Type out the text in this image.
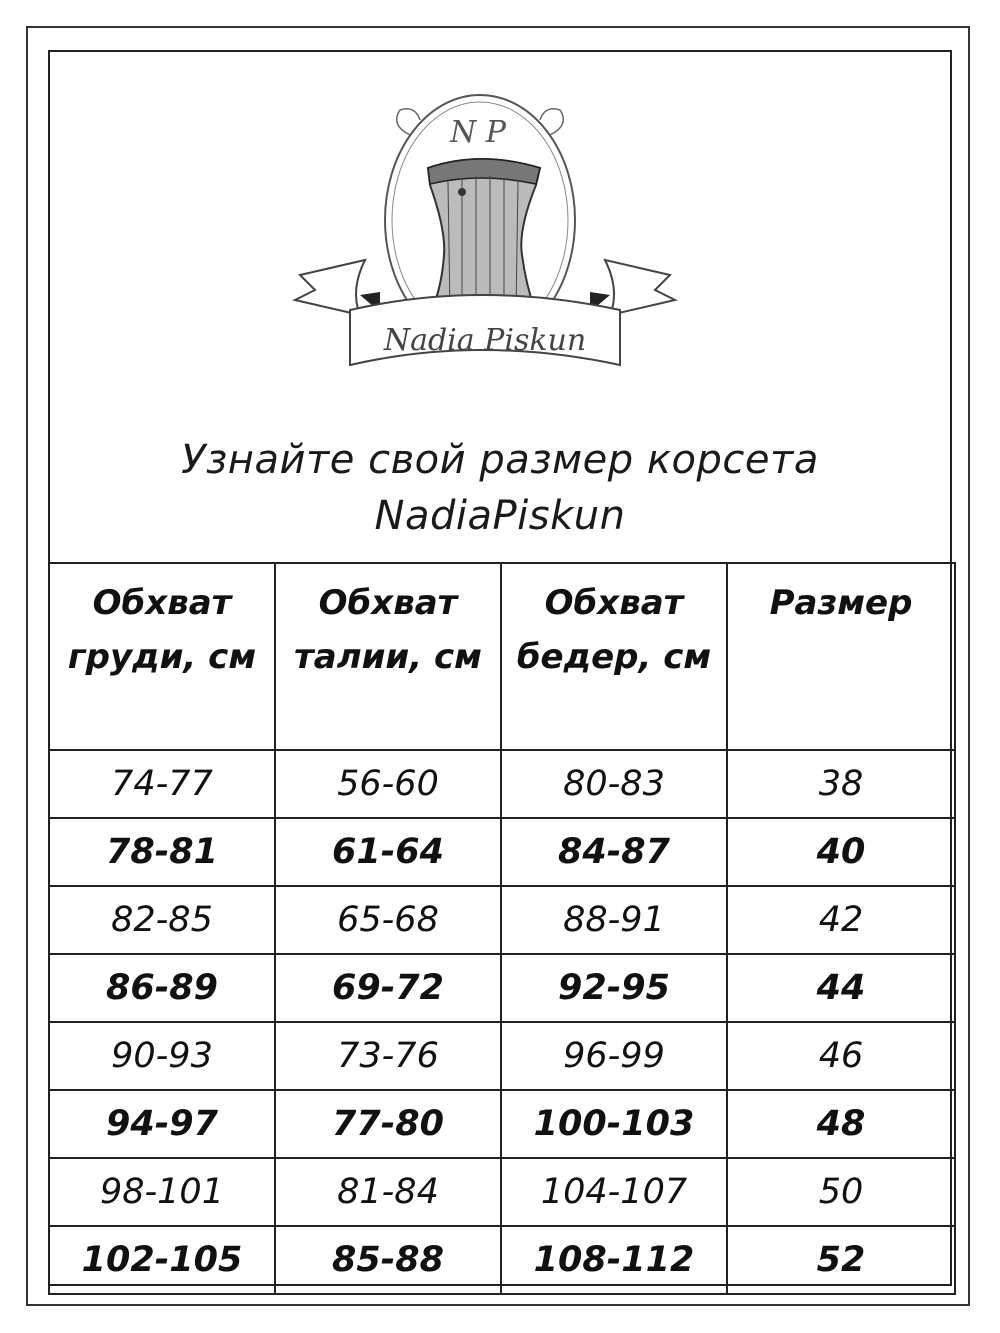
N P
Nadia Piskun
Узнайте свой размер корсета
NadiaPiskun
Обхват груди, см	Обхват талии, см	Обхват бедер, см	Размер
74-77	56-60	80-83	38
78-81	61-64	84-87	40
82-85	65-68	88-91	42
86-89	69-72	92-95	44
90-93	73-76	96-99	46
94-97	77-80	100-103	48
98-101	81-84	104-107	50
102-105	85-88	108-112	52
